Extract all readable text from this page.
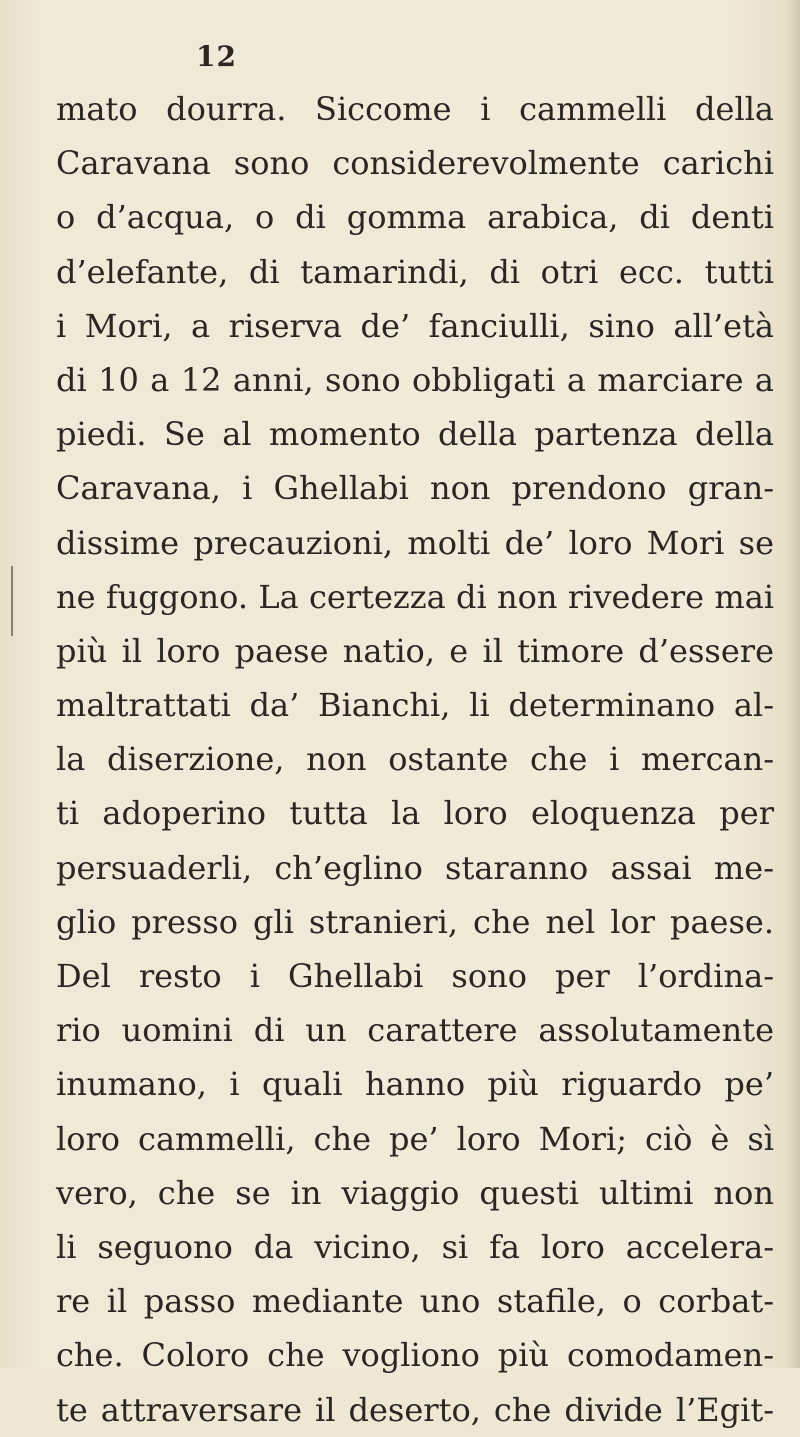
12
mato dourra. Siccome i cammelli della
Caravana sono considerevolmente carichi
o d’acqua, o di gomma arabica, di denti
d’elefante, di tamarindi, di otri ecc. tutti
i Mori, a riserva de’ fanciulli, sino all’età
di 10 a 12 anni, sono obbligati a marciare a
piedi. Se al momento della partenza della
Caravana, i Ghellabi non prendono gran-
dissime precauzioni, molti de’ loro Mori se
ne fuggono. La certezza di non rivedere mai
più il loro paese natio, e il timore d’essere
maltrattati da’ Bianchi, li determinano al-
la diserzione, non ostante che i mercan-
ti adoperino tutta la loro eloquenza per
persuaderli, ch’eglino staranno assai me-
glio presso gli stranieri, che nel lor paese.
Del resto i Ghellabi sono per l’ordina-
rio uomini di un carattere assolutamente
inumano, i quali hanno più riguardo pe’
loro cammelli, che pe’ loro Mori; ciò è sì
vero, che se in viaggio questi ultimi non
li seguono da vicino, si fa loro accelera-
re il passo mediante uno stafile, o corbat-
che. Coloro che vogliono più comodamen-
te attraversare il deserto, che divide l’Egit-
